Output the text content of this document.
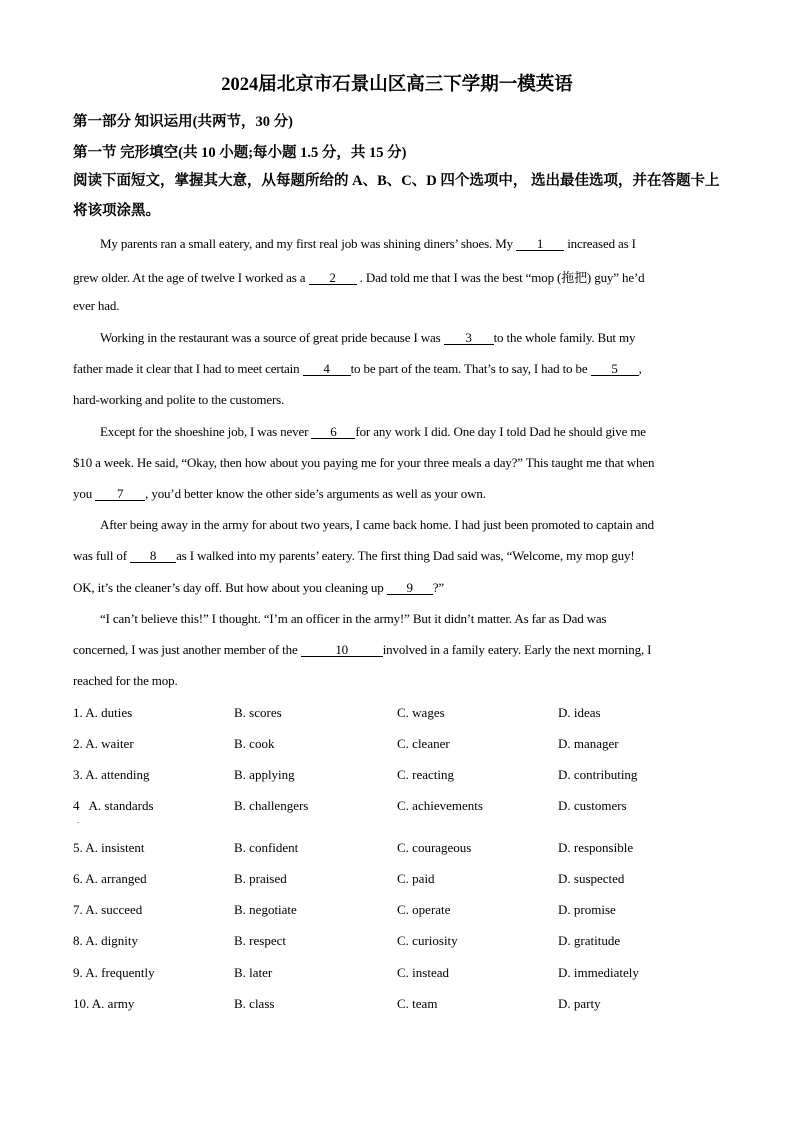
2024届北京市石景山区高三下学期一模英语
第一部分 知识运用(共两节，30 分)
第一节 完形填空(共 10 小题;每小题 1.5 分，共 15 分)
阅读下面短文，掌握其大意，从每题所给的 A、B、C、D 四个选项中， 选出最佳选项，并在答题卡上将该项涂黑。
My parents ran a small eatery, and my first real job was shining diners’ shoes. My 1 increased as I
grew older. At the age of twelve I worked as a 2 . Dad told me that I was the best “mop (拖把) guy” he’d
ever had.
Working in the restaurant was a source of great pride because I was 3 to the whole family. But my
father made it clear that I had to meet certain 4 to be part of the team. That’s to say, I had to be 5 ,
hard-working and polite to the customers.
Except for the shoeshine job, I was never 6 for any work I did. One day I told Dad he should give me
$10 a week. He said, “Okay, then how about you paying me for your three meals a day?” This taught me that when
you 7 , you’d better know the other side’s arguments as well as your own.
After being away in the army for about two years, I came back home. I had just been promoted to captain and
was full of 8 as I walked into my parents’ eatery. The first thing Dad said was, “Welcome, my mop guy!
OK, it’s the cleaner’s day off. But how about you cleaning up 9 ?”
“I can’t believe this!” I thought. “I’m an officer in the army!” But it didn’t matter. As far as Dad was
concerned, I was just another member of the	10	involved in a family eatery. Early the next morning, I
reached for the mop.
1. A. duties	B. scores	C. wages	D. ideas
2. A. waiter	B. cook	C. cleaner	D. manager
3. A. attending	B. applying	C. reacting	D. contributing
4   A. standards	B. challengers	C. achievements	D. customers
.
5. A. insistent	B. confident	C. courageous	D. responsible
6. A. arranged	B. praised	C. paid	D. suspected
7. A. succeed	B. negotiate	C. operate	D. promise
8. A. dignity	B. respect	C. curiosity	D. gratitude
9. A. frequently	B. later	C. instead	D. immediately
10. A. army	B. class	C. team	D. party
